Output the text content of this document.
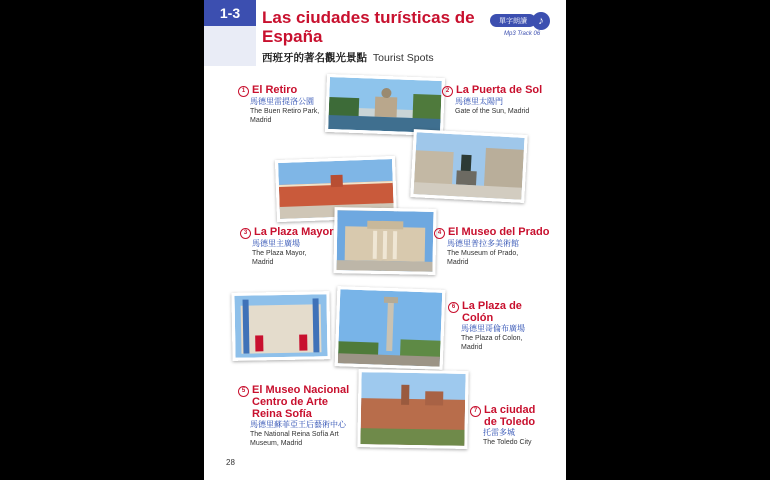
1-3	Las ciudades turísticas de España
西班牙的著名觀光景點 Tourist Spots
單字朗讀	♪
Mp3 Track 06
1 El Retiro
馬德里雷提洛公園
The Buen Retiro Park, Madrid
2 La Puerta de Sol
馬德里太陽門
Gate of the Sun, Madrid
3 La Plaza Mayor
馬德里主廣場
The Plaza Mayor, Madrid
4 El Museo del Prado
馬德里普拉多美術館
The Museum of Prado, Madrid
6 La Plaza de Colón
馬德里哥倫布廣場
The Plaza of Colon, Madrid
5 El Museo Nacional Centro de Arte Reina Sofía
馬德里蘇菲亞王后藝術中心
The National Reina Sofía Art Museum, Madrid
7 La ciudad de Toledo
托雷多城
The Toledo City
28
